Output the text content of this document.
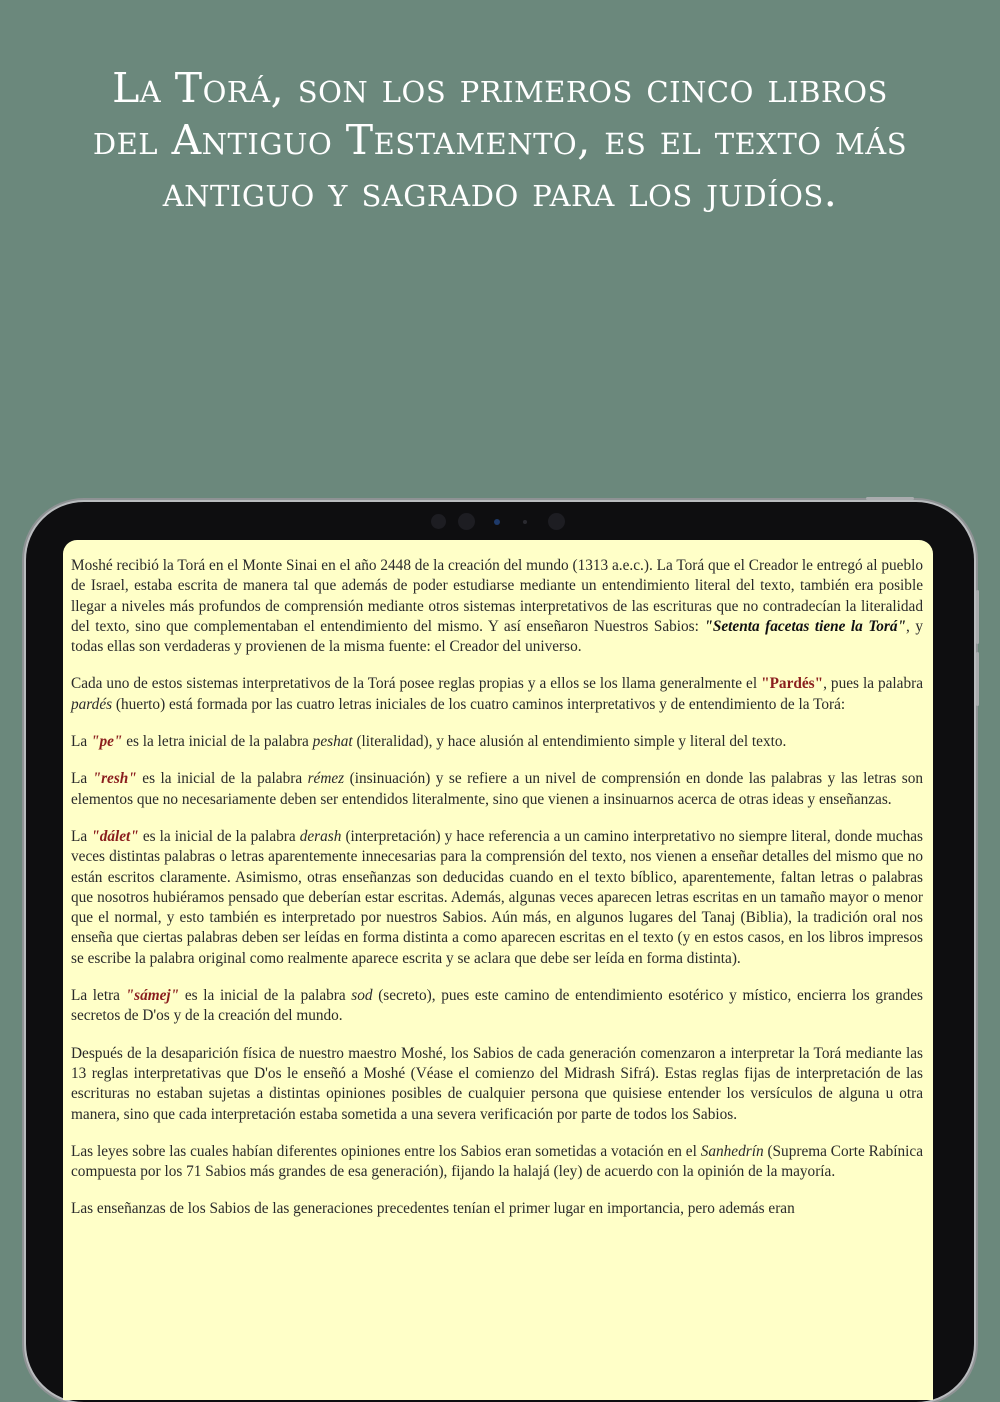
La Torá, son los primeros cinco libros
del Antiguo Testamento, es el texto más
antiguo y sagrado para los judíos.

Moshé recibió la Torá en el Monte Sinai en el año 2448 de la creación del mundo (1313 a.e.c.). La Torá que el Creador le entregó al pueblo de Israel, estaba escrita de manera tal que además de poder estudiarse mediante un entendimiento literal del texto, también era posible llegar a niveles más profundos de comprensión mediante otros sistemas interpretativos de las escrituras que no contradecían la literalidad del texto, sino que complementaban el entendimiento del mismo. Y así enseñaron Nuestros Sabios: "Setenta facetas tiene la Torá", y todas ellas son verdaderas y provienen de la misma fuente: el Creador del universo.

Cada uno de estos sistemas interpretativos de la Torá posee reglas propias y a ellos se los llama generalmente el "Pardés", pues la palabra pardés (huerto) está formada por las cuatro letras iniciales de los cuatro caminos interpretativos y de entendimiento de la Torá:

La "pe" es la letra inicial de la palabra peshat (literalidad), y hace alusión al entendimiento simple y literal del texto.

La "resh" es la inicial de la palabra rémez (insinuación) y se refiere a un nivel de comprensión en donde las palabras y las letras son elementos que no necesariamente deben ser entendidos literalmente, sino que vienen a insinuarnos acerca de otras ideas y enseñanzas.

La "dálet" es la inicial de la palabra derash (interpretación) y hace referencia a un camino interpretativo no siempre literal, donde muchas veces distintas palabras o letras aparentemente innecesarias para la comprensión del texto, nos vienen a enseñar detalles del mismo que no están escritos claramente. Asimismo, otras enseñanzas son deducidas cuando en el texto bíblico, aparentemente, faltan letras o palabras que nosotros hubiéramos pensado que deberían estar escritas. Además, algunas veces aparecen letras escritas en un tamaño mayor o menor que el normal, y esto también es interpretado por nuestros Sabios. Aún más, en algunos lugares del Tanaj (Biblia), la tradición oral nos enseña que ciertas palabras deben ser leídas en forma distinta a como aparecen escritas en el texto (y en estos casos, en los libros impresos se escribe la palabra original como realmente aparece escrita y se aclara que debe ser leída en forma distinta).

La letra "sámej" es la inicial de la palabra sod (secreto), pues este camino de entendimiento esotérico y místico, encierra los grandes secretos de D'os y de la creación del mundo.

Después de la desaparición física de nuestro maestro Moshé, los Sabios de cada generación comenzaron a interpretar la Torá mediante las 13 reglas interpretativas que D'os le enseñó a Moshé (Véase el comienzo del Midrash Sifrá). Estas reglas fijas de interpretación de las escrituras no estaban sujetas a distintas opiniones posibles de cualquier persona que quisiese entender los versículos de alguna u otra manera, sino que cada interpretación estaba sometida a una severa verificación por parte de todos los Sabios.

Las leyes sobre las cuales habían diferentes opiniones entre los Sabios eran sometidas a votación en el Sanhedrín (Suprema Corte Rabínica compuesta por los 71 Sabios más grandes de esa generación), fijando la halajá (ley) de acuerdo con la opinión de la mayoría.

Las enseñanzas de los Sabios de las generaciones precedentes tenían el primer lugar en importancia, pero además eran
